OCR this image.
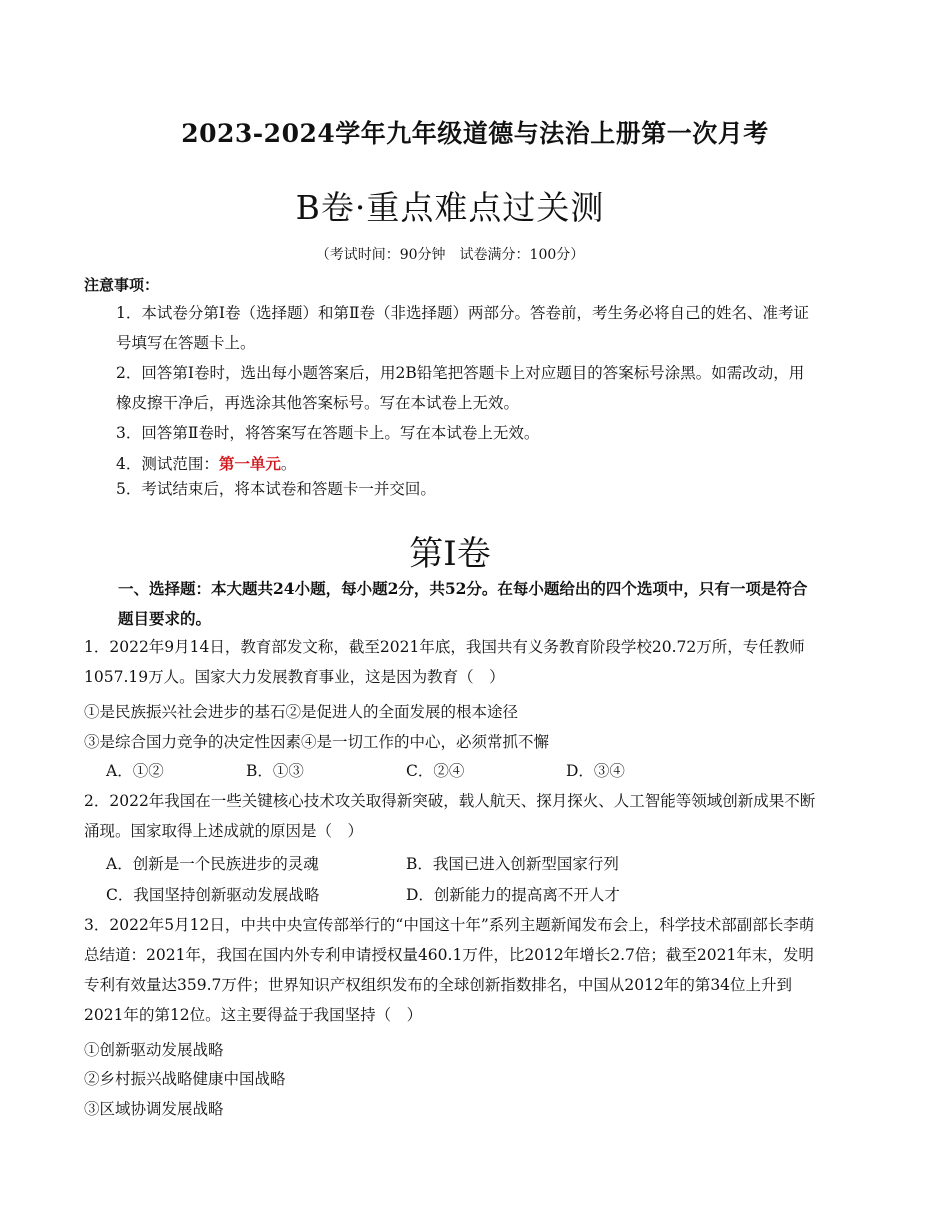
2023-2024学年九年级道德与法治上册第一次月考
B卷·重点难点过关测
（考试时间：90分钟　试卷满分：100分）
注意事项：
1．本试卷分第Ⅰ卷（选择题）和第Ⅱ卷（非选择题）两部分。答卷前，考生务必将自己的姓名、准考证号填写在答题卡上。
2．回答第Ⅰ卷时，选出每小题答案后，用2B铅笔把答题卡上对应题目的答案标号涂黑。如需改动，用橡皮擦干净后，再选涂其他答案标号。写在本试卷上无效。
3．回答第Ⅱ卷时，将答案写在答题卡上。写在本试卷上无效。
4．测试范围：第一单元。
5．考试结束后，将本试卷和答题卡一并交回。
第Ⅰ卷
一、选择题：本大题共24小题，每小题2分，共52分。在每小题给出的四个选项中，只有一项是符合题目要求的。
1．2022年9月14日，教育部发文称，截至2021年底，我国共有义务教育阶段学校20.72万所，专任教师1057.19万人。国家大力发展教育事业，这是因为教育（　）
①是民族振兴社会进步的基石②是促进人的全面发展的根本途径
③是综合国力竞争的决定性因素④是一切工作的中心，必须常抓不懈
A．①②	B．①③	C．②④	D．③④
2．2022年我国在一些关键核心技术攻关取得新突破，载人航天、探月探火、人工智能等领域创新成果不断涌现。国家取得上述成就的原因是（　）
A．创新是一个民族进步的灵魂	B．我国已进入创新型国家行列
C．我国坚持创新驱动发展战略	D．创新能力的提高离不开人才
3．2022年5月12日，中共中央宣传部举行的“中国这十年”系列主题新闻发布会上，科学技术部副部长李萌总结道：2021年，我国在国内外专利申请授权量460.1万件，比2012年增长2.7倍；截至2021年末，发明专利有效量达359.7万件；世界知识产权组织发布的全球创新指数排名，中国从2012年的第34位上升到2021年的第12位。这主要得益于我国坚持（　）
①创新驱动发展战略
②乡村振兴战略健康中国战略
③区域协调发展战略
